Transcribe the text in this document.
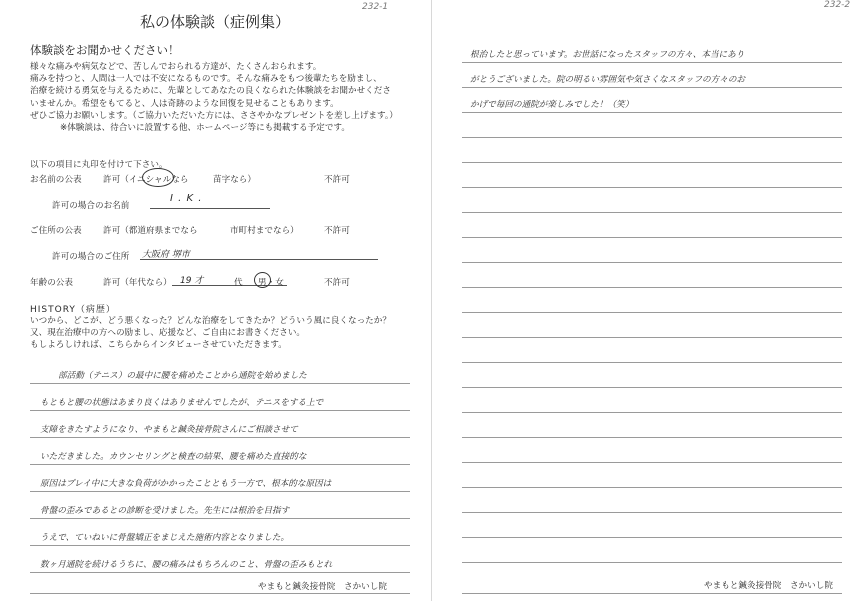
232-1
私の体験談（症例集）
体験談をお聞かせください！
様々な痛みや病気などで、苦しんでおられる方達が、たくさんおられます。
痛みを持つと、人間は一人では不安になるものです。そんな痛みをもつ後輩たちを励まし、
治療を続ける勇気を与えるために、先輩としてあなたの良くなられた体験談をお聞かせくださ
いませんか。希望をもてると、人は奇跡のような回復を見せることもあります。
ぜひご協力お願いします。（ご協力いただいた方には、ささやかなプレゼントを差し上げます。）
※体験談は、待合いに設置する他、ホームページ等にも掲載する予定です。
以下の項目に丸印を付けて下さい。
お名前の公表 許可（イニシャルなら	苗字なら）	不許可
許可の場合のお名前
I . K .
ご住所の公表 許可（都道府県までなら	市町村までなら）	不許可
許可の場合のご住所 大阪府 堺市
年齢の公表	許可（年代なら） 19 才	代 男・女	不許可
HISTORY（病歴）
いつから、どこが、どう悪くなった？どんな治療をしてきたか？どういう風に良くなったか？
又、現在治療中の方への励まし、応援など、ご自由にお書きください。
もしよろしければ、こちらからインタビューさせていただきます。
部活動（テニス）の最中に腰を痛めたことから通院を始めました
もともと腰の状態はあまり良くはありませんでしたが、テニスをする上で
支障をきたすようになり、やまもと鍼灸接骨院さんにご相談させて
いただきました。カウンセリングと検査の結果、腰を痛めた直接的な
原因はプレイ中に大きな負荷がかかったことともう一方で、根本的な原因は
骨盤の歪みであるとの診断を受けました。先生には根治を目指す
うえで、ていねいに骨盤矯正をまじえた施術内容となりました。
数ヶ月通院を続けるうちに、腰の痛みはもちろんのこと、骨盤の歪みもとれ
やまもと鍼灸接骨院　さかいし院
232-2
根治したと思っています。お世話になったスタッフの方々、本当にあり
がとうございました。院の明るい雰囲気や気さくなスタッフの方々のお
かげで毎回の通院が楽しみでした！（笑）
やまもと鍼灸接骨院　さかいし院
